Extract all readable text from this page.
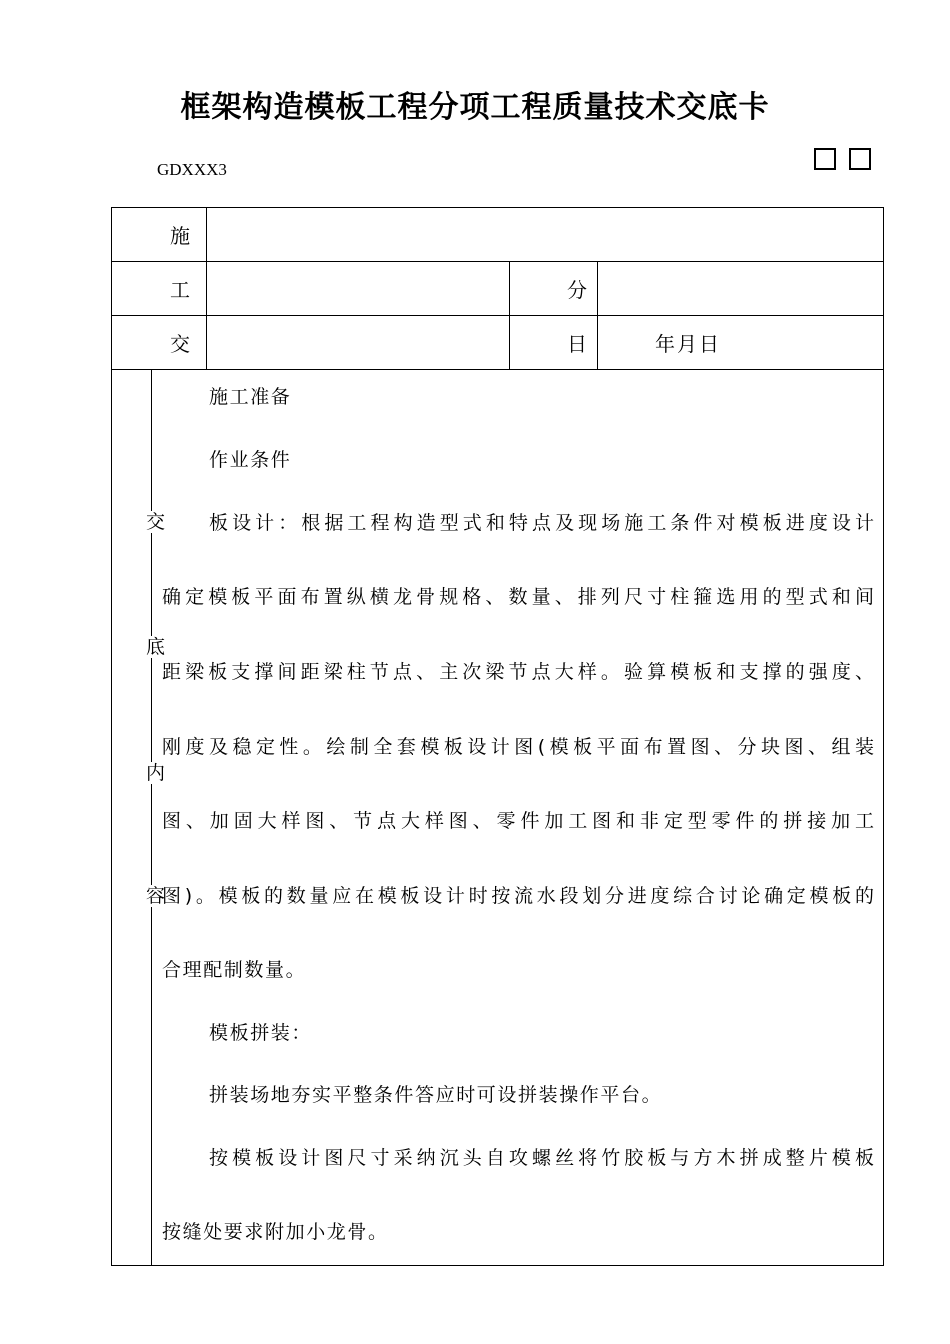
框架构造模板工程分项工程质量技术交底卡
GDXXX3
施
工	分
交	日	年月日
交
底
内
容
施工准备
作业条件
板设计：根据工程构造型式和特点及现场施工条件对模板进度设计
确定模板平面布置纵横龙骨规格、数量、排列尺寸柱箍选用的型式和间
距梁板支撑间距梁柱节点、主次梁节点大样。验算模板和支撑的强度、
刚度及稳定性。绘制全套模板设计图(模板平面布置图、分块图、组装
图、加固大样图、节点大样图、零件加工图和非定型零件的拼接加工
图)。模板的数量应在模板设计时按流水段划分进度综合讨论确定模板的
合理配制数量。
模板拼装：
拼装场地夯实平整条件答应时可设拼装操作平台。
按模板设计图尺寸采纳沉头自攻螺丝将竹胶板与方木拼成整片模板
按缝处要求附加小龙骨。
